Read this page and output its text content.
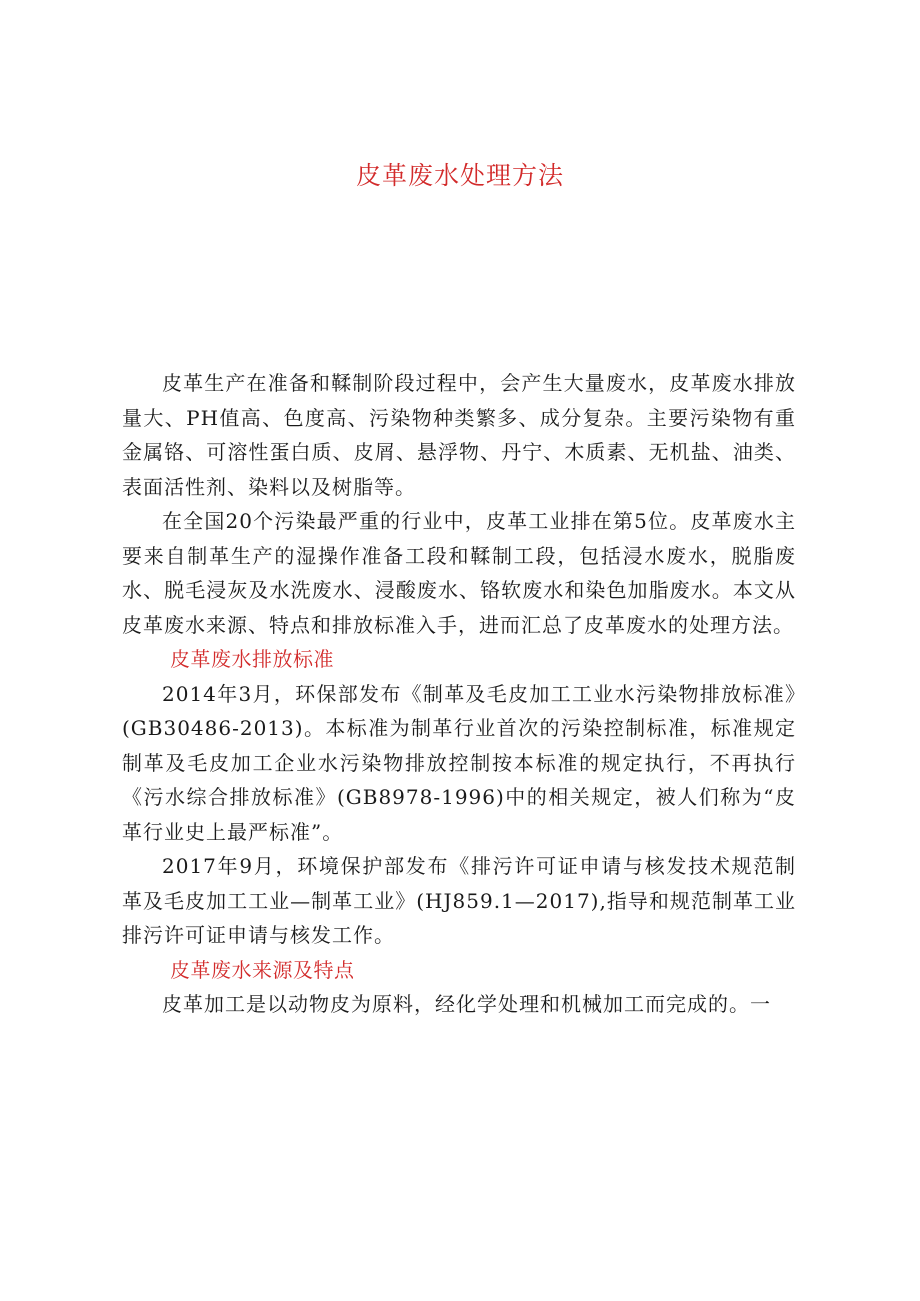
皮革废水处理方法

皮革生产在准备和鞣制阶段过程中，会产生大量废水，皮革废水排放量大、PH值高、色度高、污染物种类繁多、成分复杂。主要污染物有重金属铬、可溶性蛋白质、皮屑、悬浮物、丹宁、木质素、无机盐、油类、表面活性剂、染料以及树脂等。

在全国20个污染最严重的行业中，皮革工业排在第5位。皮革废水主要来自制革生产的湿操作准备工段和鞣制工段，包括浸水废水，脱脂废水、脱毛浸灰及水洗废水、浸酸废水、铬软废水和染色加脂废水。本文从皮革废水来源、特点和排放标准入手，进而汇总了皮革废水的处理方法。

皮革废水排放标准

2014年3月，环保部发布《制革及毛皮加工工业水污染物排放标准》(GB30486-2013)。本标准为制革行业首次的污染控制标准，标准规定制革及毛皮加工企业水污染物排放控制按本标准的规定执行，不再执行《污水综合排放标准》(GB8978-1996)中的相关规定，被人们称为“皮革行业史上最严标准”。

2017年9月，环境保护部发布《排污许可证申请与核发技术规范制革及毛皮加工工业—制革工业》(HJ859.1—2017),指导和规范制革工业排污许可证申请与核发工作。

皮革废水来源及特点

皮革加工是以动物皮为原料，经化学处理和机械加工而完成的。一
